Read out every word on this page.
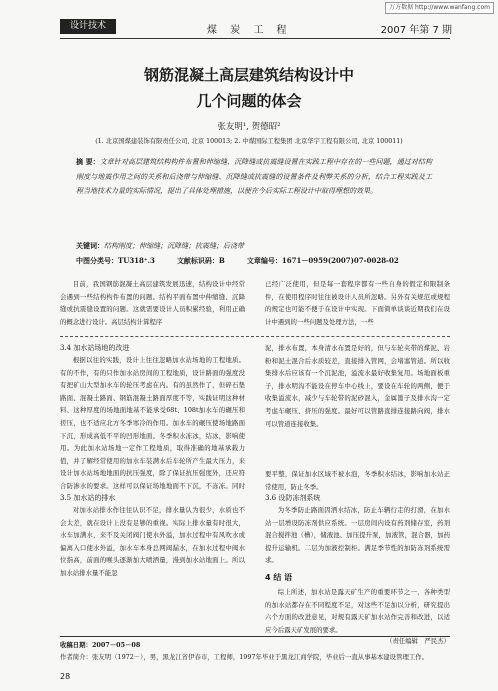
万方数据 http://www.wanfang.com
设计技术	煤 炭 工 程	2007 年第 7 期
钢筋混凝土高层建筑结构设计中
几个问题的体会
张友明¹, 贺德昭²
(1. 北京国煤建装饰有限责任公司, 北京 100013; 2. 中煤国际工程集团 北京华宇工程有限公司, 北京 100011)
摘 要：文章针对高层建筑结构构件布置和伸缩缝、沉降缝或抗震缝设置在实践工程中存在的一些问题，通过对结构刚度与地震作用之间的关系和后浇带与伸缩缝、沉降缝或抗震缝的设置条件及利弊关系的分析，结合工程实践及工程当地技术力量的实际情况，提出了具体处理措施，以便在今后实际工程设计中取得理想的效果。
关键词：结构刚度；伸缩缝；沉降缝；抗震缝；后浇带
中图分类号：TU318⁺.3	文献标识码：B	文章编号：1671－0959(2007)07-0028-02
目前，我国钢筋混凝土高层建筑发展迅速，结构设计中经常会遇到一些结构构件布置的问题。结构平面布置中伸缩缝、沉降缝或抗震缝设置的问题。这就需要设计人员积累经验，利用正确的概念进行设计。高层结构计算程序
已经广泛使用，但是每一套程序都有一些自身的假定和限制条件，在使用程序时往往被设计人员所忽略。另外有关规范或规程的规定也可能不便于在设计中实现。下面简单谈谈近期我们在设计中遇到的一些问题及处理方法，一些
3.4 加水站场地的改进
根据以往的实践，设计上往往忽略加水站场地的工程地质。有的不作，有的只作加水站房间的工程地质，设计路面的强度没有把矿山大型加水车的轮压考虑在内。有的虽然作了，但碎石垫路面、混凝土路面、钢筋混凝土路面厚度不等，实践证明这种材料、这种厚度的场地面地基不能承受68t、108t加水车的碾压和搓压，也不适应北方冬季寒冷的作用。加水车的碾压使场地路面下沉，形成高低不平的凹形地面。冬季积水冻冰，结冰，影响使用。为此加水站场地一定作工程地质，取得准确的地基承载力值，并了解经常使用的加水车装满水后车轮所产生最大压力，来设计加水站场地地面的抗压强度，除了保证抗压强度外，还应符合防渗水的要求。这样可以保证场地地面不下沉，不冻冻。同时
3.5 加水站的排水
对加水站排水作往往认识不足，排水量认为很少，水质也不会太差，就在设计上没有足够的重视。实际上排水量有时很大，水车加满水，来不及关闭阀门使水外溢，加水过程中有风吹水或偏离入口使水外溢，加水车本身总网阀漏水，在加水过程中阀水位指高，前面的喉头逐渐加大喷洒量，漫到加水站地面上。所以加水站排水量不能忽
泥，排水布置，本身清水布置是好的，但与车轮夹带的煤泥、岩粉和泥土混合后水质较差，直接排入管网，会堵塞管道。所以收集排水后应该有一个沉泥池，溢流水最好收集复用。场地面板重子，排水明沟不能设在停车中心线上，要设在车轮的两侧，便于收集溢流水，减少与车轮带的泥砂混入，金属篦子及排水沟一定考虑车碾压、挤压的强度。最好可以管路直排连接路向阀，排水可以管道连接收集。
要平整，保证加水区域不被水泡，冬季积水结冰，影响加水站正常使用，防止冬季。
3.6 设防冻剂系统
为冬季防止路面因洒水结冰，防止车辆行走的打滑，在加水站一层增设防冻剂供应系统。一层房间内设有药剂储存室，药剂混合搅拌池（槽），储液池、加压提升泵，加液管，混合器，加药提升运输机。二层为加液控制柜。满足季节性的加防冻剂系统需求。
4 结 语
综上所述，加水站是露天矿生产的重要环节之一，各种类型的加水站都存在不同程度不足，对这些不足加以分析，研究提出六个方面的改进意见，对规有露天矿加水站作完善和改进，以适应今后露天矿发展的要求。
（责任编辑　严民杰）
收稿日期：2007－05－08
作者简介：张友明（1972－），男，黑龙江省伊春市，工程师，1997年毕业于黑龙江商学院，毕业后一直从事基本建设管理工作。
28
